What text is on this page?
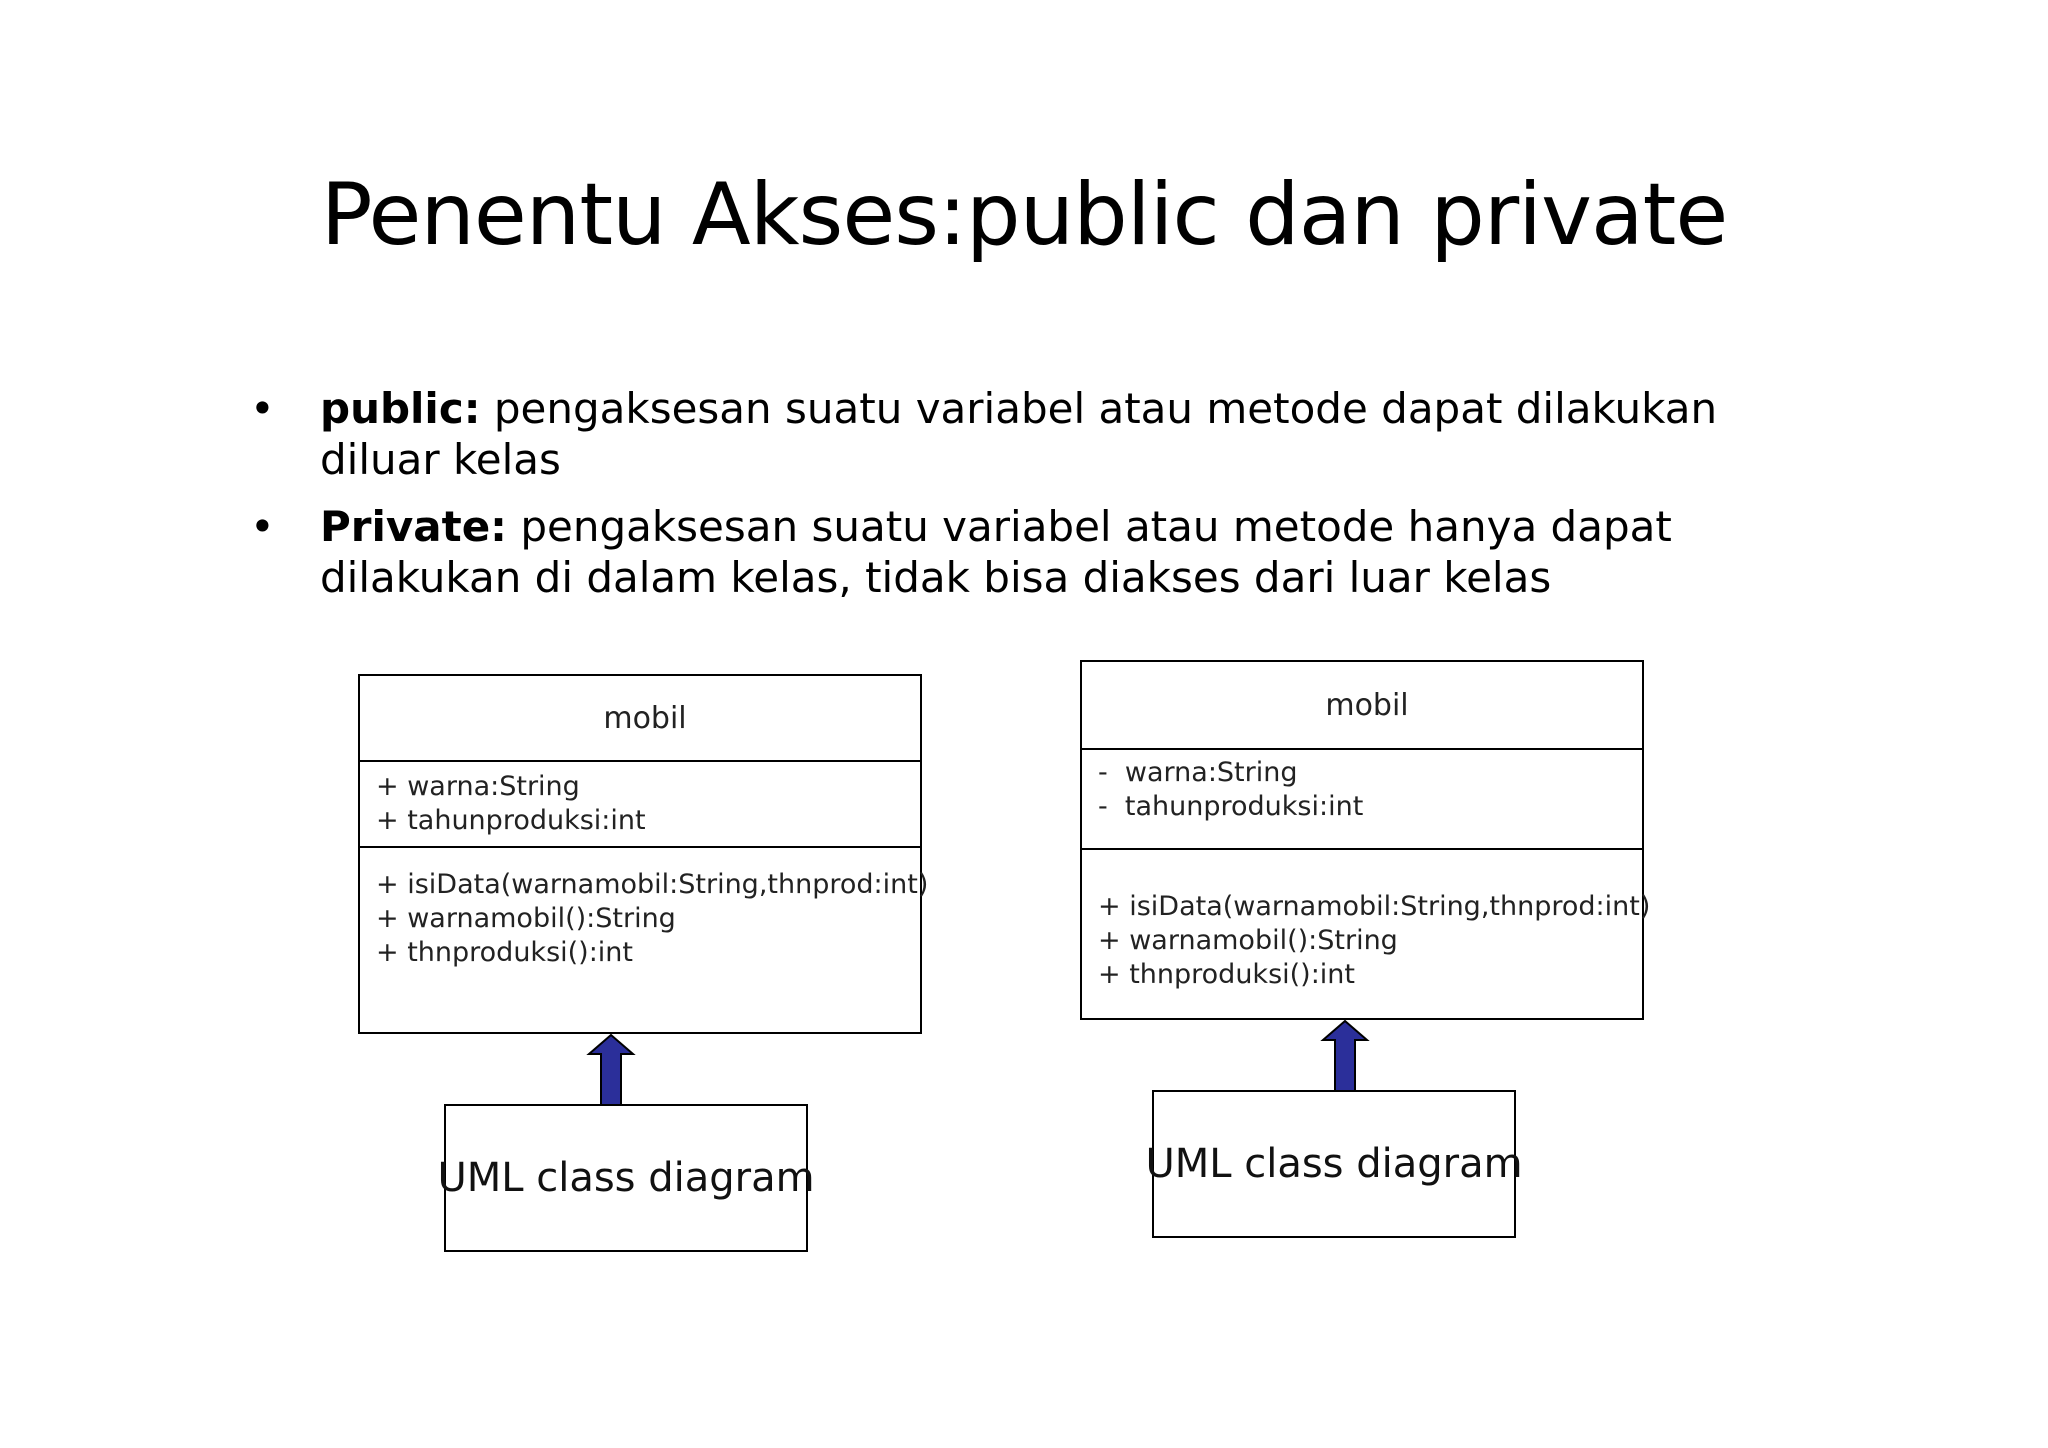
Penentu Akses:public dan private
• public: pengaksesan suatu variabel atau metode dapat dilakukan diluar kelas
• Private: pengaksesan suatu variabel atau metode hanya dapat dilakukan di dalam kelas, tidak bisa diakses dari luar kelas
mobil
+ warna:String
+ tahunproduksi:int
+ isiData(warnamobil:String,thnprod:int)
+ warnamobil():String
+ thnproduksi():int
UML class diagram
mobil
-  warna:String
-  tahunproduksi:int
+ isiData(warnamobil:String,thnprod:int)
+ warnamobil():String
+ thnproduksi():int
UML class diagram
